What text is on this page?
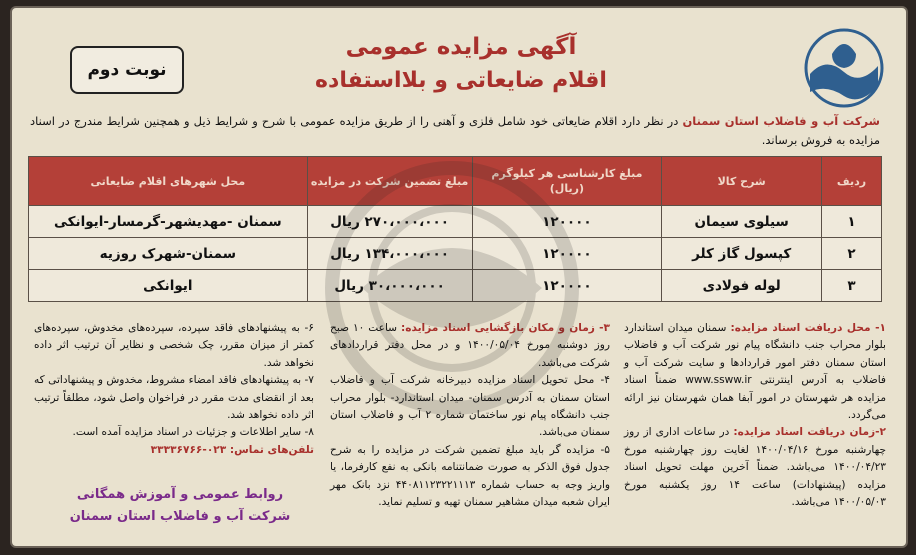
نوبت دوم
آگهی مزایده عمومی
اقلام ضایعاتی و بلااستفاده
شرکت آب و فاضلاب استان سمنان در نظر دارد اقلام ضایعاتی خود شامل فلزی و آهنی را از طریق مزایده عمومی با شرح و شرایط ذیل و همچنین شرایط مندرج در اسناد مزایده به فروش برساند.
ردیف	شرح کالا	مبلغ کارشناسی هر کیلوگرم (ریال)	مبلغ تضمین شرکت در مزایده	محل شهرهای اقلام ضایعاتی
۱	سیلوی سیمان	۱۲۰۰۰۰	۲۷۰،۰۰۰،۰۰۰ ریال	سمنان -مهدیشهر-گرمسار-ایوانکی
۲	کپسول گاز کلر	۱۲۰۰۰۰	۱۳۴،۰۰۰،۰۰۰ ریال	سمنان-شهرک روزیه
۳	لوله فولادی	۱۲۰۰۰۰	۳۰،۰۰۰،۰۰۰ ریال	ایوانکی
۱- محل دریافت اسناد مزایده: سمنان میدان استاندارد بلوار محراب جنب دانشگاه پیام نور شرکت آب و فاضلاب استان سمنان دفتر امور قراردادها و سایت شرکت آب و فاضلاب به آدرس اینترنتی www.ssww.ir ضمناً اسناد مزایده هر شهرستان در امور آبفا همان شهرستان نیز ارائه می‌گردد.
۲-زمان دریافت اسناد مزایده: در ساعات اداری از روز چهارشنبه مورخ ۱۴۰۰/۰۴/۱۶ لغایت روز چهارشنبه مورخ ۱۴۰۰/۰۴/۲۳ می‌باشد. ضمناً آخرین مهلت تحویل اسناد مزایده (پیشنهادات) ساعت ۱۴ روز یکشنبه مورخ ۱۴۰۰/۰۵/۰۳ می‌باشد.
۳- زمان و مکان بازگشایی اسناد مزایده: ساعت ۱۰ صبح روز دوشنبه مورخ ۱۴۰۰/۰۵/۰۴ و در محل دفتر قراردادهای شرکت می‌باشد.
۴- محل تحویل اسناد مزایده دبیرخانه شرکت آب و فاضلاب استان سمنان به آدرس سمنان- میدان استاندارد- بلوار محراب جنب دانشگاه پیام نور ساختمان شماره ۲ آب و فاضلاب استان سمنان می‌باشد.
۵- مزایده گر باید مبلغ تضمین شرکت در مزایده را به شرح جدول فوق الذکر به صورت ضمانتنامه بانکی به نفع کارفرما، یا واریز وجه به حساب شماره ۴۴۰۸۱۱۲۳۲۲۱۱۱۳ نزد بانک مهر ایران شعبه میدان مشاهیر سمنان تهیه و تسلیم نماید.
۶- به پیشنهادهای فاقد سپرده، سپرده‌های مخدوش، سپرده‌های کمتر از میزان مقرر، چک شخصی و نظایر آن ترتیب اثر داده نخواهد شد.
۷- به پیشنهادهای فاقد امضاء مشروط، مخدوش و پیشنهاداتی که بعد از انقضای مدت مقرر در فراخوان واصل شود، مطلقاً ترتیب اثر داده نخواهد شد.
۸- سایر اطلاعات و جزئیات در اسناد مزایده آمده است.
تلفن‌های تماس: ۰۲۳-۳۳۳۳۶۷۶۶
روابط عمومی و آموزش همگانی
شرکت آب و فاضلاب استان سمنان
